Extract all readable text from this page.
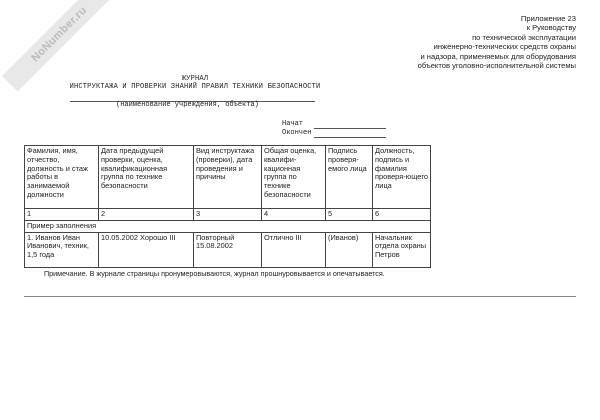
NoNumber.ru	Приложение 23
к Руководству
по технической эксплуатации
инженерно-технических средств охраны
и надзора, применяемых для оборудования
объектов уголовно-исполнительной системы
ЖУРНАЛ
ИНСТРУКТАЖА И ПРОВЕРКИ ЗНАНИЙ ПРАВИЛ ТЕХНИКИ БЕЗОПАСНОСТИ
(наименование учреждения, объекта)
Начат
Окончен
Фамилия, имя, отчество, должность и стаж работы в занимаемой должности	Дата предыдущей проверки, оценка, квалификационная группа по технике безопасности	Вид инструктажа (проверки), дата проведения и причины	Общая оценка, квалифи-кационная группа по технике безопасности	Подпись проверя-емого лица	Должность, подпись и фамилия проверя-ющего лица
1	2	3	4	5	6
Пример заполнения					
1. Иванов Иван Иванович, техник, 1,5 года	10.05.2002 Хорошо III	Повторный 15.08.2002	Отлично III	(Иванов)	Начальник отдела охраны Петров
Примечание. В журнале страницы пронумеровываются, журнал прошнуровывается и опечатывается.
